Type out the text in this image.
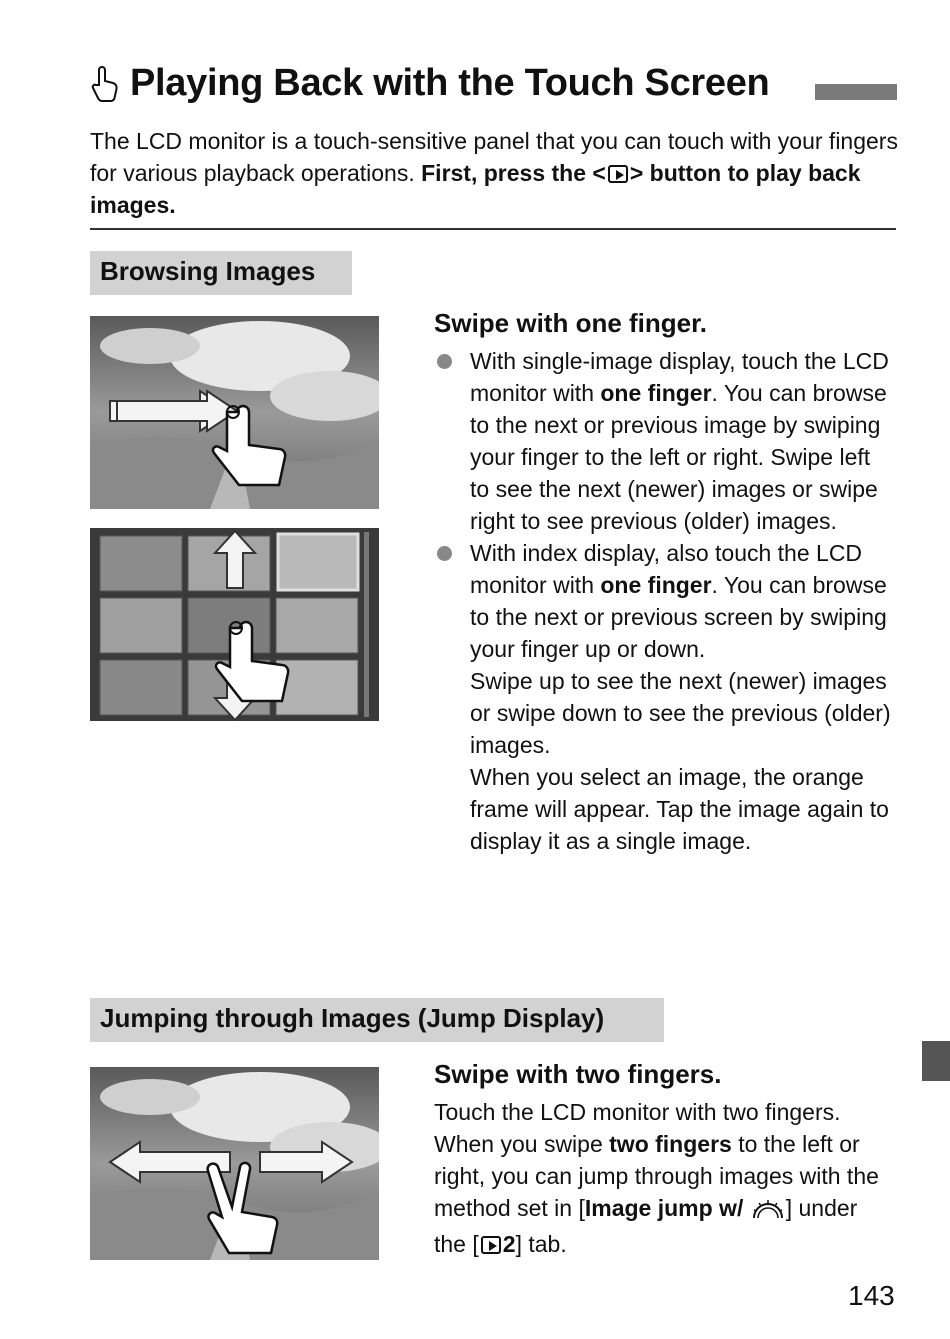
Playing Back with the Touch Screen
The LCD monitor is a touch-sensitive panel that you can touch with your fingers for various playback operations. First, press the < > button to play back images.
Browsing Images
Swipe with one finger.
With single-image display, touch the LCD monitor with one finger. You can browse to the next or previous image by swiping your finger to the left or right. Swipe left to see the next (newer) images or swipe right to see previous (older) images.
With index display, also touch the LCD monitor with one finger. You can browse to the next or previous screen by swiping your finger up or down.
Swipe up to see the next (newer) images or swipe down to see the previous (older) images.
When you select an image, the orange frame will appear. Tap the image again to display it as a single image.
Jumping through Images (Jump Display)
Swipe with two fingers.
Touch the LCD monitor with two fingers. When you swipe two fingers to the left or right, you can jump through images with the method set in [Image jump w/ ] under the [ 2] tab.
143
